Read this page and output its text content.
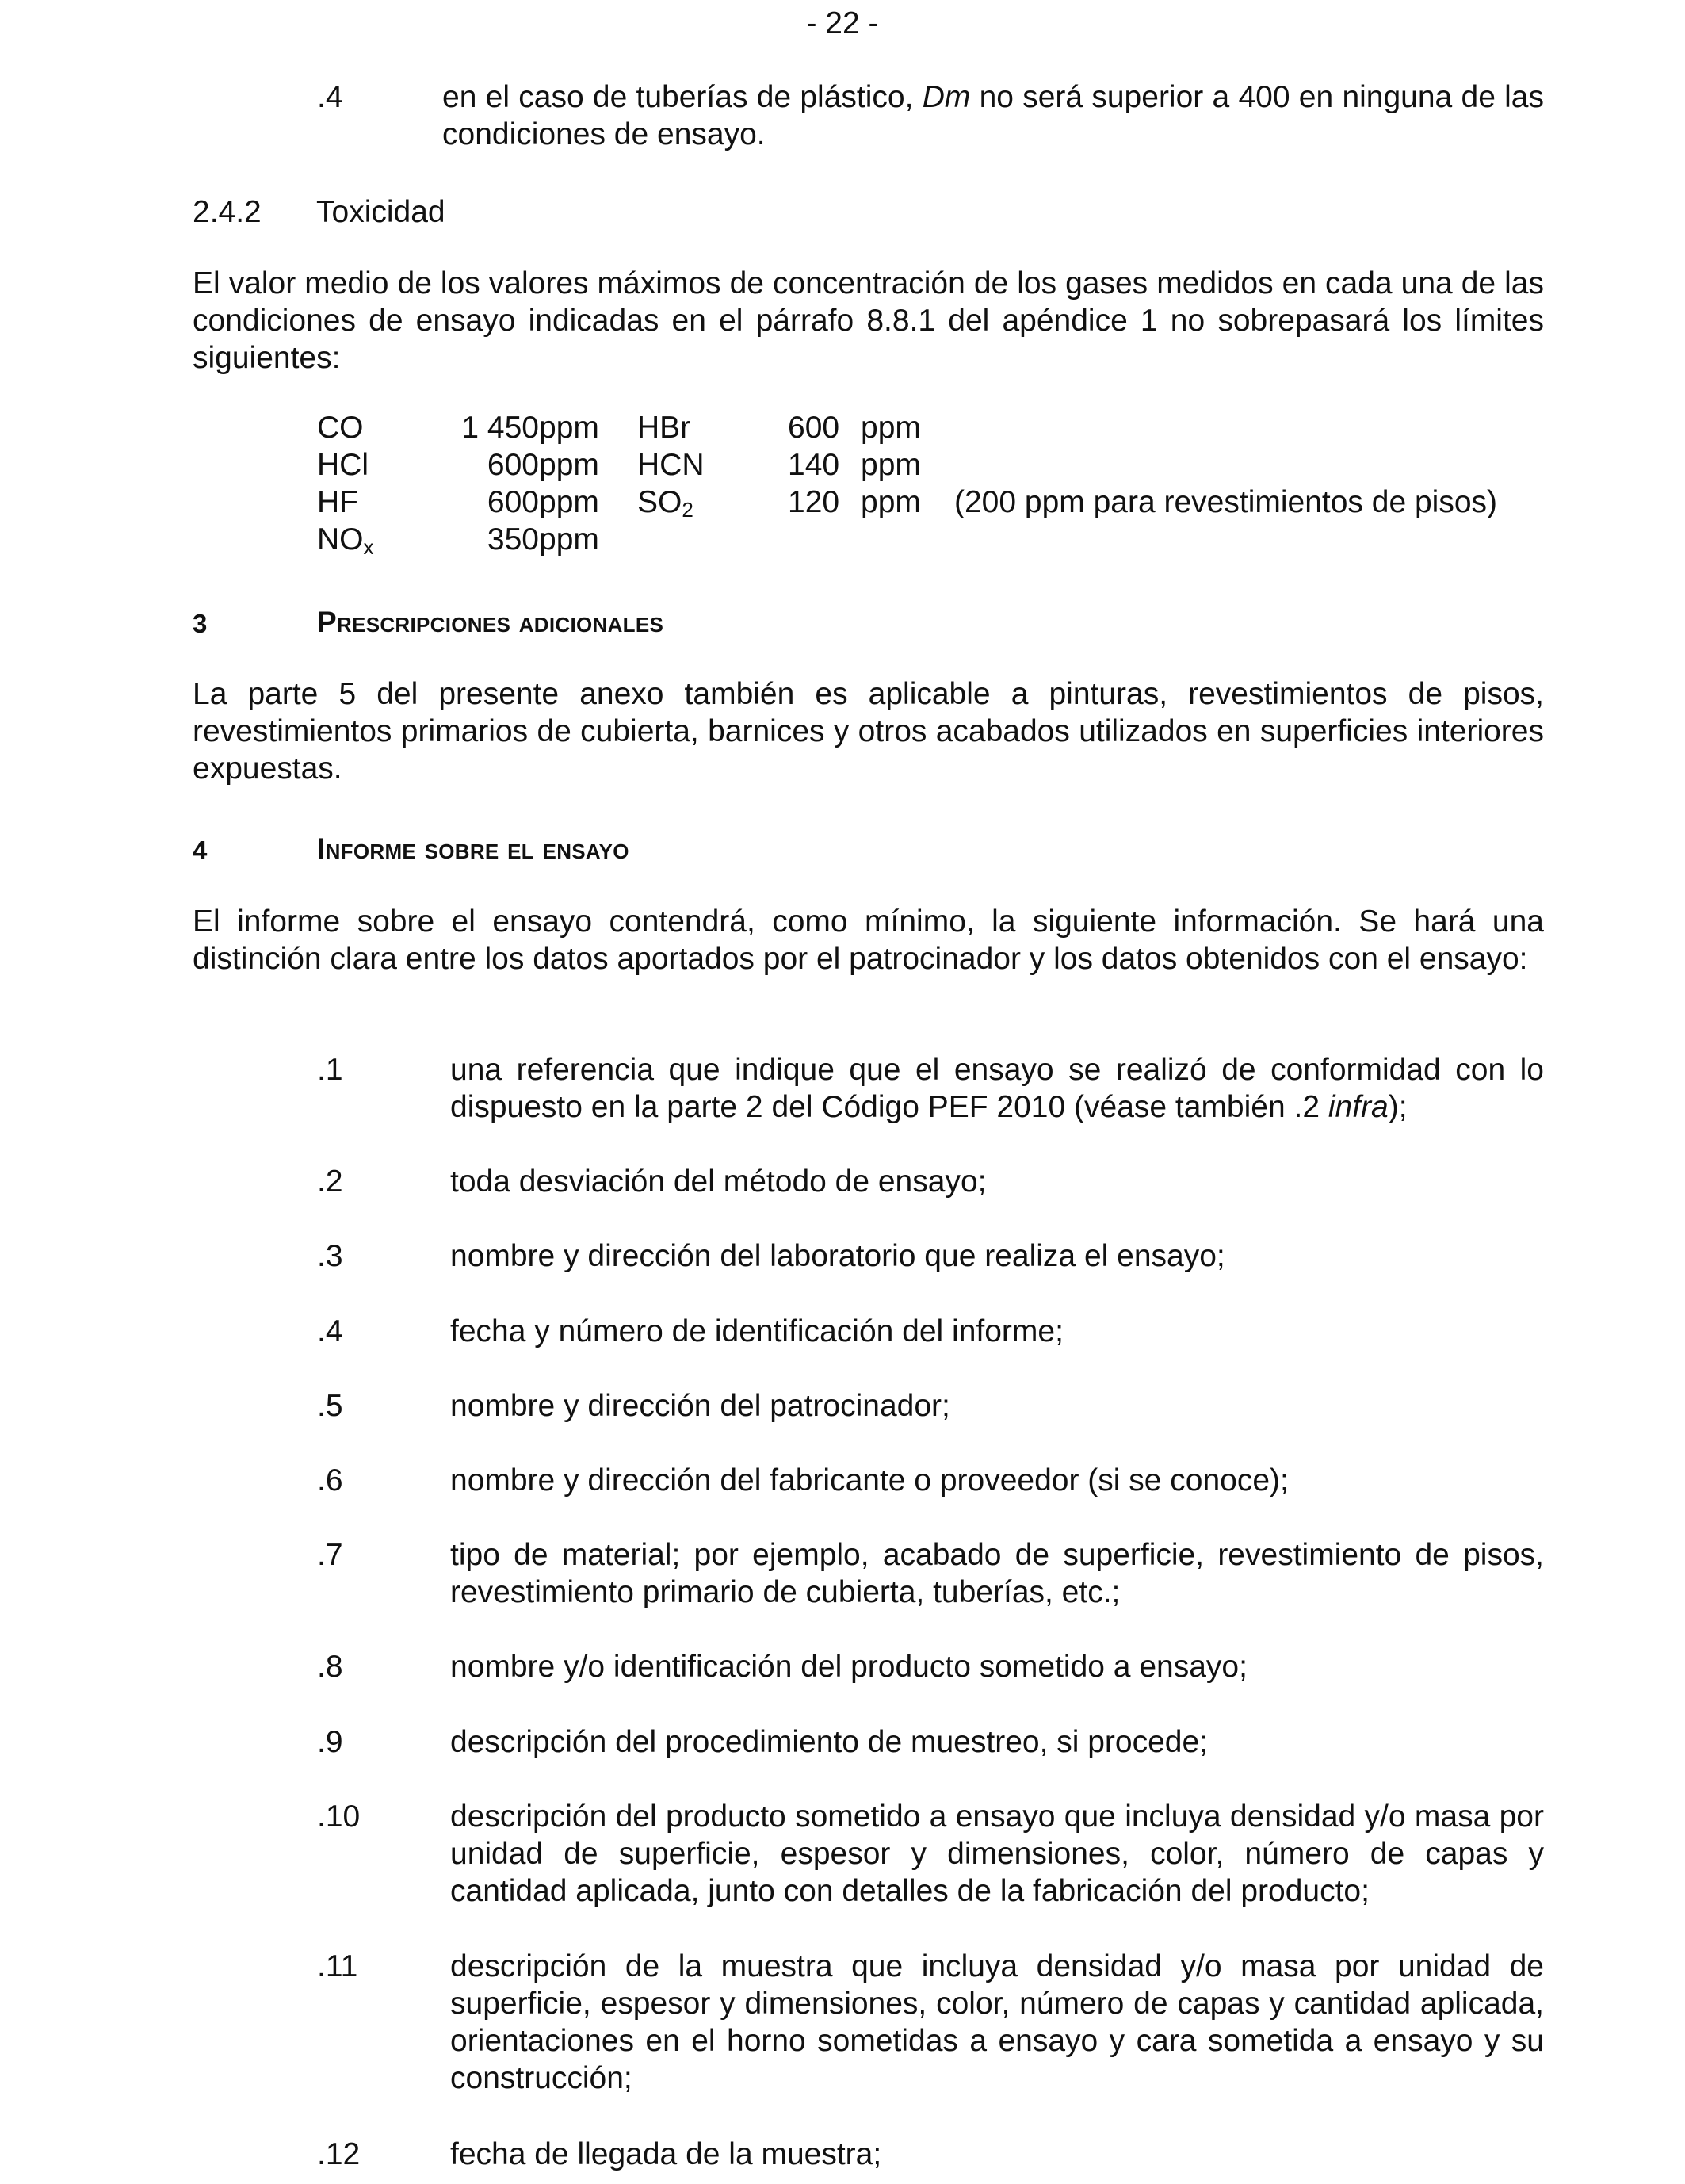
- 22 -
.4	en el caso de tuberías de plástico, Dm no será superior a 400 en ninguna de las condiciones de ensayo.
2.4.2 Toxicidad
El valor medio de los valores máximos de concentración de los gases medidos en cada una de las condiciones de ensayo indicadas en el párrafo 8.8.1 del apéndice 1 no sobrepasará los límites siguientes:
CO	1 450	ppm	HBr	600	ppm	
HCl	600	ppm	HCN	140	ppm	
HF	600	ppm	$SO_2$	120	ppm	(200 ppm para revestimientos de pisos)
$NO_x$	350	ppm				
3	Prescripciones adicionales
La parte 5 del presente anexo también es aplicable a pinturas, revestimientos de pisos, revestimientos primarios de cubierta, barnices y otros acabados utilizados en superficies interiores expuestas.
4	Informe sobre el ensayo
El informe sobre el ensayo contendrá, como mínimo, la siguiente información. Se hará una distinción clara entre los datos aportados por el patrocinador y los datos obtenidos con el ensayo:
.1	una referencia que indique que el ensayo se realizó de conformidad con lo dispuesto en la parte 2 del Código PEF 2010 (véase también .2 infra);
.2	toda desviación del método de ensayo;
.3	nombre y dirección del laboratorio que realiza el ensayo;
.4	fecha y número de identificación del informe;
.5	nombre y dirección del patrocinador;
.6	nombre y dirección del fabricante o proveedor (si se conoce);
.7	tipo de material; por ejemplo, acabado de superficie, revestimiento de pisos, revestimiento primario de cubierta, tuberías, etc.;
.8	nombre y/o identificación del producto sometido a ensayo;
.9	descripción del procedimiento de muestreo, si procede;
.10	descripción del producto sometido a ensayo que incluya densidad y/o masa por unidad de superficie, espesor y dimensiones, color, número de capas y cantidad aplicada, junto con detalles de la fabricación del producto;
.11	descripción de la muestra que incluya densidad y/o masa por unidad de superficie, espesor y dimensiones, color, número de capas y cantidad aplicada, orientaciones en el horno sometidas a ensayo y cara sometida a ensayo y su construcción;
.12	fecha de llegada de la muestra;
